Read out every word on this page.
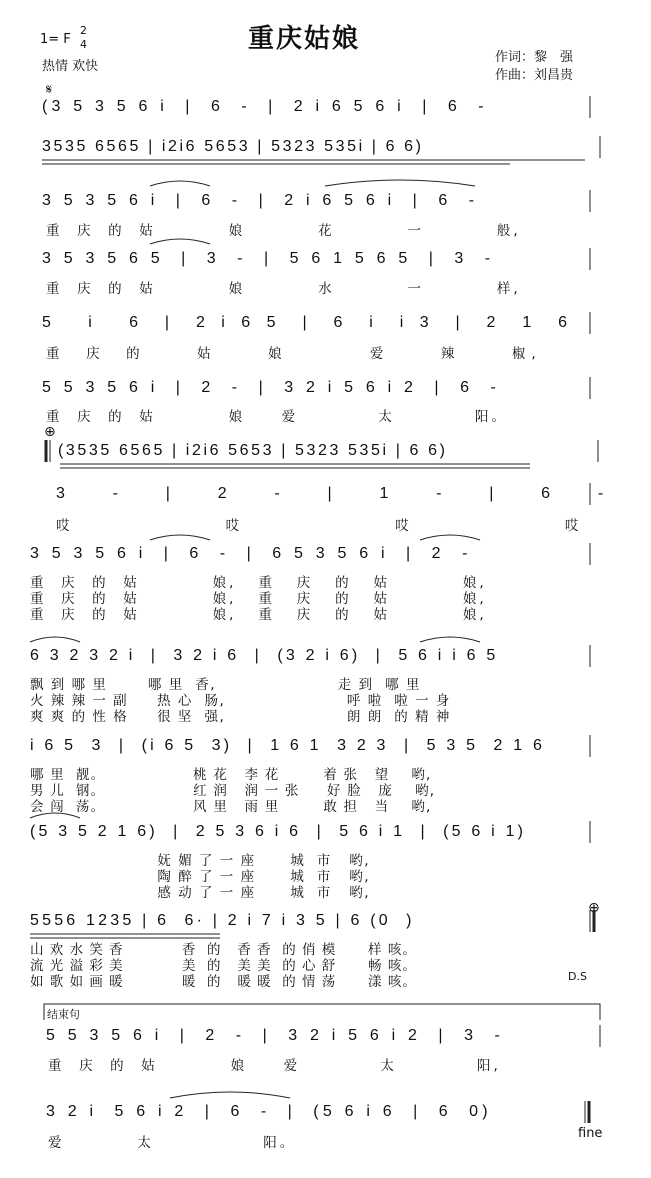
1= F
2
4
热情 欢快
重庆姑娘
作词：黎　强
作曲：刘昌贵
𝄋
(3 5 3 5 6 i  |  6  -  |  2 i 6 5 6 i  |  6  -
3535 6565 | i2i6 5653 | 5323 535i | 6 6)
3 5 3 5 6 i  |  6  -  |  2 i 6 5 6 i  |  6  -
重  庆  的  姑          娘          花          一          般,
3 5 3 5 6 5  |  3  -  |  5 6 1 5 6 5  |  3  -
重  庆  的  姑          娘          水          一          样,
5   i   6  |  2 i 6 5  |  6  i  i 3  |  2  1  6
重  庆  的     姑     娘        爱     辣     椒,
5 5 3 5 6 i  |  2  -  |  3 2 i 5 6 i 2  |  6  -
重  庆  的  姑          娘     爱           太           阳。
⊕
(3535 6565 | i2i6 5653 | 5323 535i | 6 6)
3    -    |    2    -    |    1    -    |    6    -
哎                     哎                     哎                     哎
3 5 3 5 6 i  |  6  -  |  6 5 3 5 6 i  |  2  -
重  庆  的  姑          娘,   重   庆   的   姑          娘,
重  庆  的  姑          娘,   重   庆   的   姑          娘,
重  庆  的  姑          娘,   重   庆   的   姑          娘,
6 3 2 3 2 i  |  3 2 i 6  |  (3 2 i 6)  |  5 6 i i 6 5
飘 到 哪 里       哪 里  香,                     走 到  哪 里
火 辣 辣 一 副     热 心  肠,                     呼 啦  啦 一 身
爽 爽 的 性 格     很 坚  强,                     朗 朗  的 精 神
i 6 5  3  |  (i 6 5  3)  |  1 6 1  3 2 3  |  5 3 5  2 1 6
哪 里  靓。                桃 花   李 花        着 张   望    哟,
男 儿  钢。                红 润   润 一 张     好 脸   庞    哟,
会 闯  荡。                风 里   雨 里        敢 担   当    哟,
(5 3 5 2 1 6)  |  2 5 3 6 i 6  |  5 6 i 1  |  (5 6 i 1)
妩 媚 了 一 座      城  市   哟,
陶 醉 了 一 座      城  市   哟,
感 动 了 一 座      城  市   哟,
5556 1235 | 6  6· | 2 i 7 i 3 5 | 6 (0  )
⊕
山 欢 水 笑 香           香  的   香 香  的 俏 模      样 咳。
流 光 溢 彩 美           美  的   美 美  的 心 舒      畅 咳。
如 歌 如 画 暖           暖  的   暖 暖  的 情 荡      漾 咳。	D.S
结束句
5 5 3 5 6 i  |  2  -  |  3 2 i 5 6 i 2  |  3  -
重  庆  的  姑          娘     爱           太           阳,
3 2 i  5 6 i 2  |  6  -  |  (5 6 i 6  |  6  0)
爱          太               阳。
fine
